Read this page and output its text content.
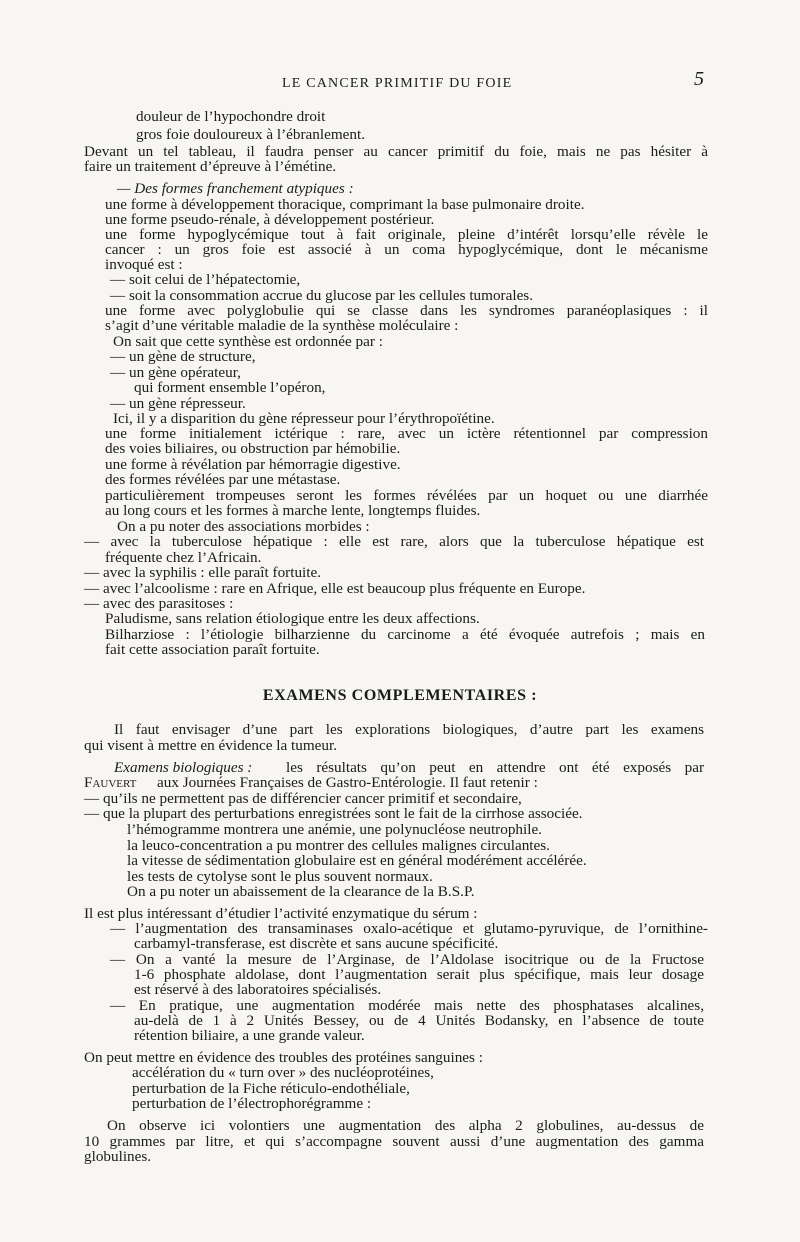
LE CANCER PRIMITIF DU FOIE	5
douleur de l’hypochondre droit
gros foie douloureux à l’ébranlement.
Devant un tel tableau, il faudra penser au cancer primitif du foie, mais ne pas hésiter à
faire un traitement d’épreuve à l’émétine.
— Des formes franchement atypiques :
une forme à développement thoracique, comprimant la base pulmonaire droite.
une forme pseudo-rénale, à développement postérieur.
une forme hypoglycémique tout à fait originale, pleine d’intérêt lorsqu’elle révèle le
cancer : un gros foie est associé à un coma hypoglycémique, dont le mécanisme
invoqué est :
— soit celui de l’hépatectomie,
— soit la consommation accrue du glucose par les cellules tumorales.
une forme avec polyglobulie qui se classe dans les syndromes paranéoplasiques : il
s’agit d’une véritable maladie de la synthèse moléculaire :
On sait que cette synthèse est ordonnée par :
— un gène de structure,
— un gène opérateur,
qui forment ensemble l’opéron,
— un gène répresseur.
Ici, il y a disparition du gène répresseur pour l’érythropoïétine.
une forme initialement ictérique : rare, avec un ictère rétentionnel par compression
des voies biliaires, ou obstruction par hémobilie.
une forme à révélation par hémorragie digestive.
des formes révélées par une métastase.
particulièrement trompeuses seront les formes révélées par un hoquet ou une diarrhée
au long cours et les formes à marche lente, longtemps fluides.
On a pu noter des associations morbides :
— avec la tuberculose hépatique : elle est rare, alors que la tuberculose hépatique est
fréquente chez l’Africain.
— avec la syphilis : elle paraît fortuite.
— avec l’alcoolisme : rare en Afrique, elle est beaucoup plus fréquente en Europe.
— avec des parasitoses :
Paludisme, sans relation étiologique entre les deux affections.
Bilharziose : l’étiologie bilharzienne du carcinome a été évoquée autrefois ; mais en
fait cette association paraît fortuite.
Il faut envisager d’une part les explorations biologiques, d’autre part les examens
qui visent à mettre en évidence la tumeur.
les résultats qu’on peut en attendre ont été exposés par
aux Journées Françaises de Gastro-Entérologie. Il faut retenir :
— qu’ils ne permettent pas de différencier cancer primitif et secondaire,
— que la plupart des perturbations enregistrées sont le fait de la cirrhose associée.
l’hémogramme montrera une anémie, une polynucléose neutrophile.
la leuco-concentration a pu montrer des cellules malignes circulantes.
la vitesse de sédimentation globulaire est en général modérément accélérée.
les tests de cytolyse sont le plus souvent normaux.
On a pu noter un abaissement de la clearance de la B.S.P.
Il est plus intéressant d’étudier l’activité enzymatique du sérum :
— l’augmentation des transaminases oxalo-acétique et glutamo-pyruvique, de l’ornithine-
carbamyl-transferase, est discrète et sans aucune spécificité.
— On a vanté la mesure de l’Arginase, de l’Aldolase isocitrique ou de la Fructose
1-6 phosphate aldolase, dont l’augmentation serait plus spécifique, mais leur dosage
est réservé à des laboratoires spécialisés.
— En pratique, une augmentation modérée mais nette des phosphatases alcalines,
au-delà de 1 à 2 Unités Bessey, ou de 4 Unités Bodansky, en l’absence de toute
rétention biliaire, a une grande valeur.
On peut mettre en évidence des troubles des protéines sanguines :
accélération du « turn over » des nucléoprotéines,
perturbation de la Fiche réticulo-endothéliale,
perturbation de l’électrophorégramme :
On observe ici volontiers une augmentation des alpha 2 globulines, au-dessus de
10 grammes par litre, et qui s’accompagne souvent aussi d’une augmentation des gamma
globulines.
EXAMENS COMPLEMENTAIRES :
Examens biologiques :
Fauvert
